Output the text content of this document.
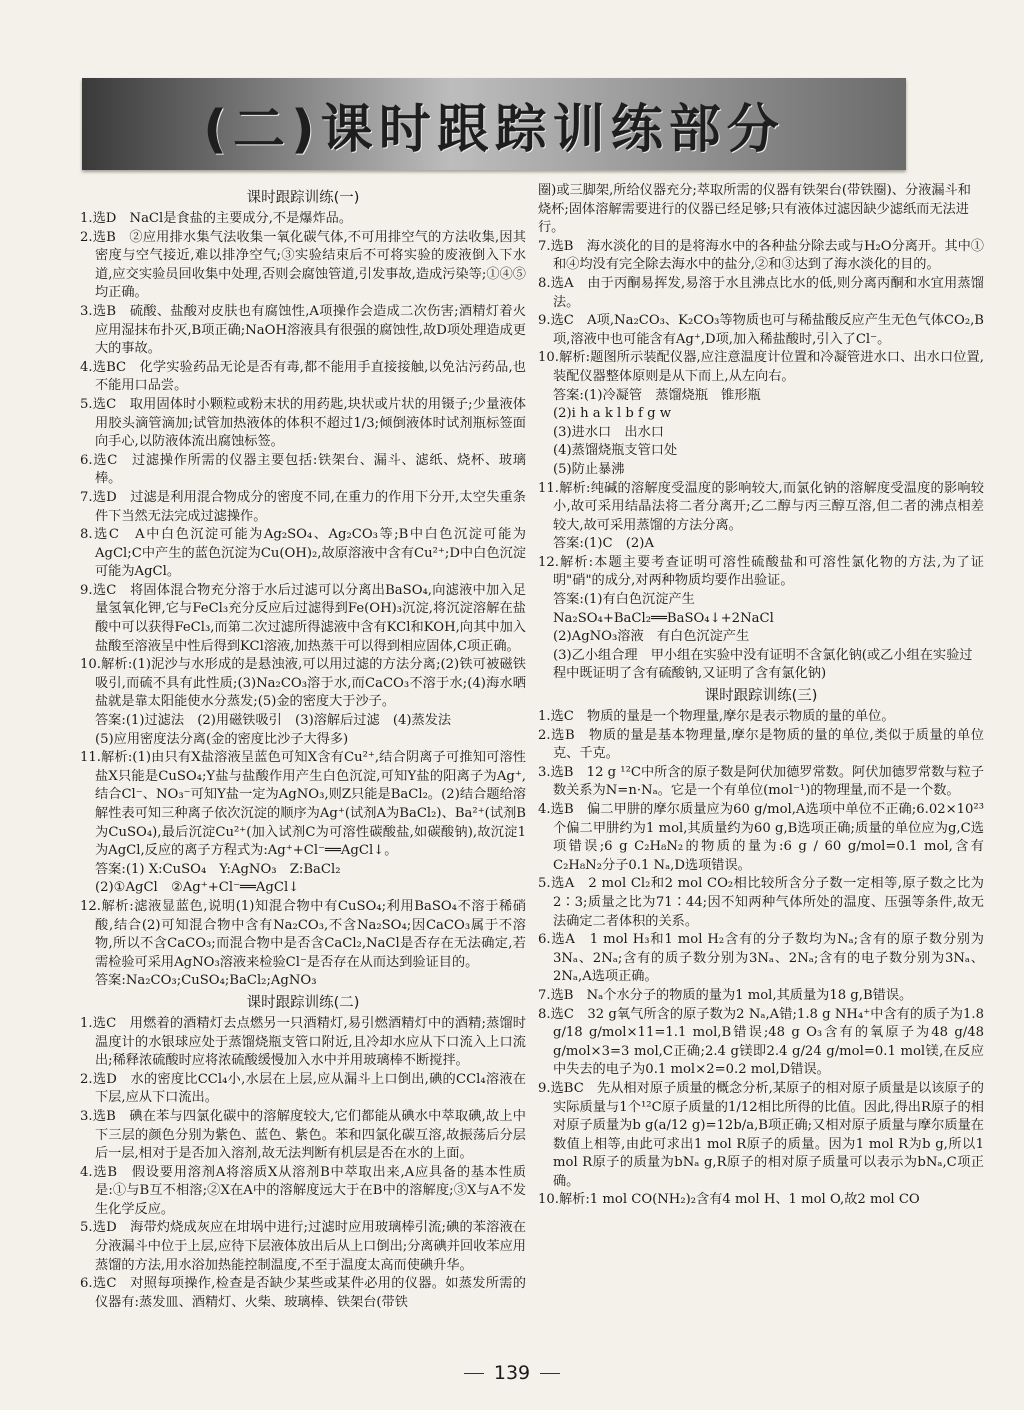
(二)课时跟踪训练部分
课时跟踪训练(一)

1.选D　NaCl是食盐的主要成分,不是爆炸品。

2.选B　②应用排水集气法收集一氧化碳气体,不可用排空气的方法收集,因其密度与空气接近,难以排净空气;③实验结束后不可将实验的废液倒入下水道,应交实验员回收集中处理,否则会腐蚀管道,引发事故,造成污染等;①④⑤均正确。

3.选B　硫酸、盐酸对皮肤也有腐蚀性,A项操作会造成二次伤害;酒精灯着火应用湿抹布扑灭,B项正确;NaOH溶液具有很强的腐蚀性,故D项处理造成更大的事故。

4.选BC　化学实验药品无论是否有毒,都不能用手直接接触,以免沾污药品,也不能用口品尝。

5.选C　取用固体时小颗粒或粉末状的用药匙,块状或片状的用镊子;少量液体用胶头滴管滴加;试管加热液体的体积不超过1/3;倾倒液体时试剂瓶标签面向手心,以防液体流出腐蚀标签。

6.选C　过滤操作所需的仪器主要包括:铁架台、漏斗、滤纸、烧杯、玻璃棒。

7.选D　过滤是利用混合物成分的密度不同,在重力的作用下分开,太空失重条件下当然无法完成过滤操作。

8.选C　A中白色沉淀可能为Ag₂SO₄、Ag₂CO₃等;B中白色沉淀可能为AgCl;C中产生的蓝色沉淀为Cu(OH)₂,故原溶液中含有Cu²⁺;D中白色沉淀可能为AgCl。

9.选C　将固体混合物充分溶于水后过滤可以分离出BaSO₄,向滤液中加入足量氢氧化钾,它与FeCl₃充分反应后过滤得到Fe(OH)₃沉淀,将沉淀溶解在盐酸中可以获得FeCl₃,而第二次过滤所得滤液中含有KCl和KOH,向其中加入盐酸至溶液呈中性后得到KCl溶液,加热蒸干可以得到相应固体,C项正确。

10.解析:(1)泥沙与水形成的是悬浊液,可以用过滤的方法分离;(2)铁可被磁铁吸引,而硫不具有此性质;(3)Na₂CO₃溶于水,而CaCO₃不溶于水;(4)海水晒盐就是靠太阳能使水分蒸发;(5)金的密度大于沙子。

答案:(1)过滤法　(2)用磁铁吸引　(3)溶解后过滤　(4)蒸发法

(5)应用密度法分离(金的密度比沙子大得多)

11.解析:(1)由只有X盐溶液呈蓝色可知X含有Cu²⁺,结合阴离子可推知可溶性盐X只能是CuSO₄;Y盐与盐酸作用产生白色沉淀,可知Y盐的阳离子为Ag⁺,结合Cl⁻、NO₃⁻可知Y盐一定为AgNO₃,则Z只能是BaCl₂。(2)结合题给溶解性表可知三种离子依次沉淀的顺序为Ag⁺(试剂A为BaCl₂)、Ba²⁺(试剂B为CuSO₄),最后沉淀Cu²⁺(加入试剂C为可溶性碳酸盐,如碳酸钠),故沉淀1为AgCl,反应的离子方程式为:Ag⁺+Cl⁻══AgCl↓。

答案:(1) X:CuSO₄　Y:AgNO₃　Z:BaCl₂

(2)①AgCl　②Ag⁺+Cl⁻══AgCl↓

12.解析:滤液显蓝色,说明(1)知混合物中有CuSO₄;利用BaSO₄不溶于稀硝酸,结合(2)可知混合物中含有Na₂CO₃,不含Na₂SO₄;因CaCO₃属于不溶物,所以不含CaCO₃;而混合物中是否含CaCl₂,NaCl是否存在无法确定,若需检验可采用AgNO₃溶液来检验Cl⁻是否存在从而达到验证目的。

答案:Na₂CO₃;CuSO₄;BaCl₂;AgNO₃

课时跟踪训练(二)

1.选C　用燃着的酒精灯去点燃另一只酒精灯,易引燃酒精灯中的酒精;蒸馏时温度计的水银球应处于蒸馏烧瓶支管口附近,且冷却水应从下口流入上口流出;稀释浓硫酸时应将浓硫酸缓慢加入水中并用玻璃棒不断搅拌。

2.选D　水的密度比CCl₄小,水层在上层,应从漏斗上口倒出,碘的CCl₄溶液在下层,应从下口流出。

3.选B　碘在苯与四氯化碳中的溶解度较大,它们都能从碘水中萃取碘,故上中下三层的颜色分别为紫色、蓝色、紫色。苯和四氯化碳互溶,故振荡后分层后一层,相对于是否加入溶剂,故无法判断有机层是否在水的上面。

4.选B　假设要用溶剂A将溶质X从溶剂B中萃取出来,A应具备的基本性质是:①与B互不相溶;②X在A中的溶解度远大于在B中的溶解度;③X与A不发生化学反应。

5.选D　海带灼烧成灰应在坩埚中进行;过滤时应用玻璃棒引流;碘的苯溶液在分液漏斗中位于上层,应待下层液体放出后从上口倒出;分离碘并回收苯应用蒸馏的方法,用水浴加热能控制温度,不至于温度太高而使碘升华。

6.选C　对照每项操作,检查是否缺少某些或某件必用的仪器。如蒸发所需的仪器有:蒸发皿、酒精灯、火柴、玻璃棒、铁架台(带铁

圈)或三脚架,所给仪器充分;萃取所需的仪器有铁架台(带铁圈)、分液漏斗和烧杯;固体溶解需要进行的仪器已经足够;只有液体过滤因缺少滤纸而无法进行。

7.选B　海水淡化的目的是将海水中的各种盐分除去或与H₂O分离开。其中①和④均没有完全除去海水中的盐分,②和③达到了海水淡化的目的。

8.选A　由于丙酮易挥发,易溶于水且沸点比水的低,则分离丙酮和水宜用蒸馏法。

9.选C　A项,Na₂CO₃、K₂CO₃等物质也可与稀盐酸反应产生无色气体CO₂,B项,溶液中也可能含有Ag⁺,D项,加入稀盐酸时,引入了Cl⁻。

10.解析:题图所示装配仪器,应注意温度计位置和冷凝管进水口、出水口位置,装配仪器整体原则是从下而上,从左向右。

答案:(1)冷凝管　蒸馏烧瓶　锥形瓶

(2)i h a k l b f g w

(3)进水口　出水口

(4)蒸馏烧瓶支管口处

(5)防止暴沸

11.解析:纯碱的溶解度受温度的影响较大,而氯化钠的溶解度受温度的影响较小,故可采用结晶法将二者分离开;乙二醇与丙三醇互溶,但二者的沸点相差较大,故可采用蒸馏的方法分离。

答案:(1)C　(2)A

12.解析:本题主要考查证明可溶性硫酸盐和可溶性氯化物的方法,为了证明"硝"的成分,对两种物质均要作出验证。

答案:(1)有白色沉淀产生

Na₂SO₄+BaCl₂══BaSO₄↓+2NaCl

(2)AgNO₃溶液　有白色沉淀产生

(3)乙小组合理　甲小组在实验中没有证明不含氯化钠(或乙小组在实验过程中既证明了含有硫酸钠,又证明了含有氯化钠)

课时跟踪训练(三)

1.选C　物质的量是一个物理量,摩尔是表示物质的量的单位。

2.选B　物质的量是基本物理量,摩尔是物质的量的单位,类似于质量的单位克、千克。

3.选B　12 g ¹²C中所含的原子数是阿伏加德罗常数。阿伏加德罗常数与粒子数关系为N=n·Nₐ。它是一个有单位(mol⁻¹)的物理量,而不是一个数。

4.选B　偏二甲肼的摩尔质量应为60 g/mol,A选项中单位不正确;6.02×10²³个偏二甲肼约为1 mol,其质量约为60 g,B选项正确;质量的单位应为g,C选项错误;6 g C₂H₈N₂的物质的量为:6 g / 60 g/mol=0.1 mol,含有C₂H₈N₂分子0.1 Nₐ,D选项错误。

5.选A　2 mol Cl₂和2 mol CO₂相比较所含分子数一定相等,原子数之比为2∶3;质量之比为71∶44;因不知两种气体所处的温度、压强等条件,故无法确定二者体积的关系。

6.选A　1 mol H₃和1 mol H₂含有的分子数均为Nₐ;含有的原子数分别为3Nₐ、2Nₐ;含有的质子数分别为3Nₐ、2Nₐ;含有的电子数分别为3Nₐ、2Nₐ,A选项正确。

7.选B　Nₐ个水分子的物质的量为1 mol,其质量为18 g,B错误。

8.选C　32 g氧气所含的原子数为2 Nₐ,A错;1.8 g NH₄⁺中含有的质子为1.8 g/18 g/mol×11=1.1 mol,B错误;48 g O₃含有的氧原子为48 g/48 g/mol×3=3 mol,C正确;2.4 g镁即2.4 g/24 g/mol=0.1 mol镁,在反应中失去的电子为0.1 mol×2=0.2 mol,D错误。

9.选BC　先从相对原子质量的概念分析,某原子的相对原子质量是以该原子的实际质量与1个¹²C原子质量的1/12相比所得的比值。因此,得出R原子的相对原子质量为b g(a/12 g)=12b/a,B项正确;又相对原子质量与摩尔质量在数值上相等,由此可求出1 mol R原子的质量。因为1 mol R为b g,所以1 mol R原子的质量为bNₐ g,R原子的相对原子质量可以表示为bNₐ,C项正确。

10.解析:1 mol CO(NH₂)₂含有4 mol H、1 mol O,故2 mol CO

139
